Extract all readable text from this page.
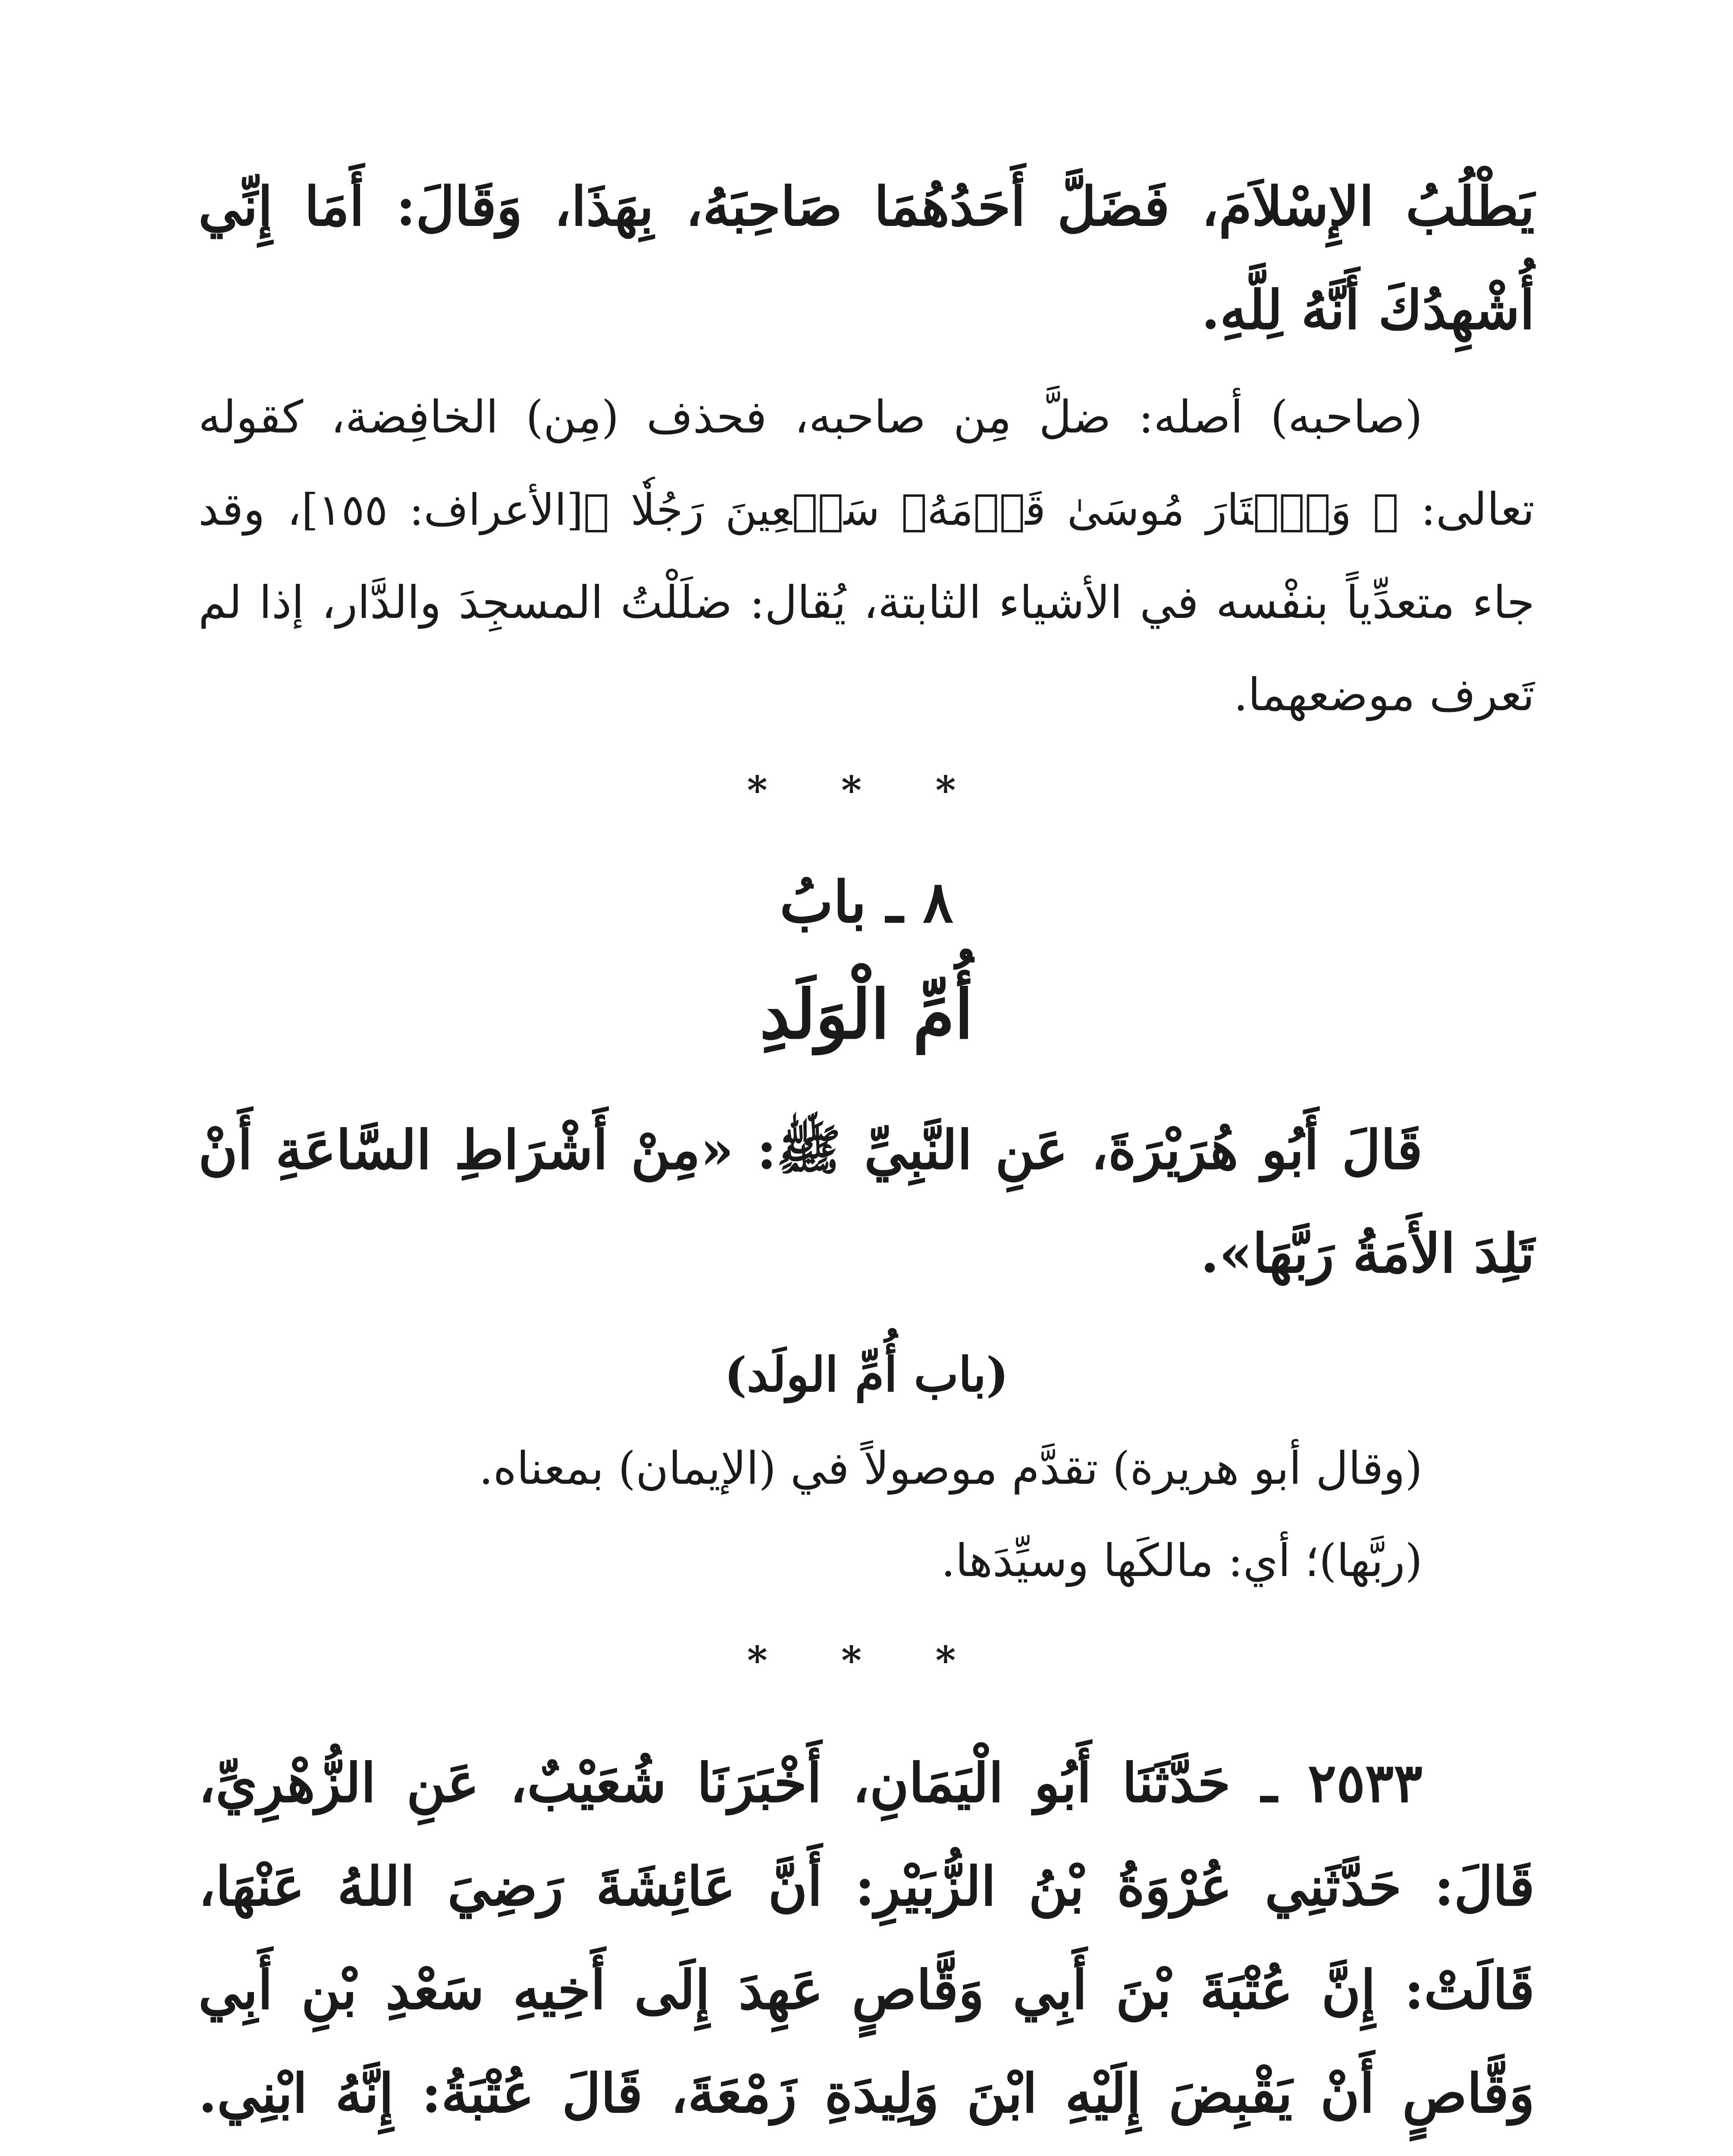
يَطْلُبُ الإِسْلاَمَ، فَضَلَّ أَحَدُهُمَا صَاحِبَهُ، بِهَذَا، وَقَالَ: أَمَا إِنِّي أُشْهِدُكَ أَنَّهُ لِلَّهِ.

(صاحبه) أصله: ضلَّ مِن صاحبه، فحذف (مِن) الخافِضة، كقوله تعالى: ﴿ وَٱخۡتَارَ مُوسَىٰ قَوۡمَهُۥ سَبۡعِينَ رَجُلٗا ﴾[الأعراف: ١٥٥]، وقد جاء متعدِّياً بنفْسه في الأشياء الثابتة، يُقال: ضلَلْتُ المسجِدَ والدَّار، إذا لم تَعرف موضعهما.

* * *
٨ ـ بابُ
أُمِّ الْوَلَدِ

قَالَ أَبُو هُرَيْرَةَ، عَنِ النَّبِيِّ ﷺ: «مِنْ أَشْرَاطِ السَّاعَةِ أَنْ تَلِدَ الأَمَةُ رَبَّهَا».

(باب أُمِّ الولَد)
(وقال أبو هريرة) تقدَّم موصولاً في (الإيمان) بمعناه.
(ربَّها)؛ أي: مالكَها وسيِّدَها.
* * *

٢٥٣٣ ـ حَدَّثَنَا أَبُو الْيَمَانِ، أَخْبَرَنَا شُعَيْبٌ، عَنِ الزُّهْرِيِّ، قَالَ: حَدَّثَنِي عُرْوَةُ بْنُ الزُّبَيْرِ: أَنَّ عَائِشَةَ رَضِيَ اللهُ عَنْهَا، قَالَتْ: إِنَّ عُتْبَةَ بْنَ أَبِي وَقَّاصٍ عَهِدَ إِلَى أَخِيهِ سَعْدِ بْنِ أَبِي وَقَّاصٍ أَنْ يَقْبِضَ إِلَيْهِ ابْنَ وَلِيدَةِ زَمْعَةَ، قَالَ عُتْبَةُ: إِنَّهُ ابْنِي.
